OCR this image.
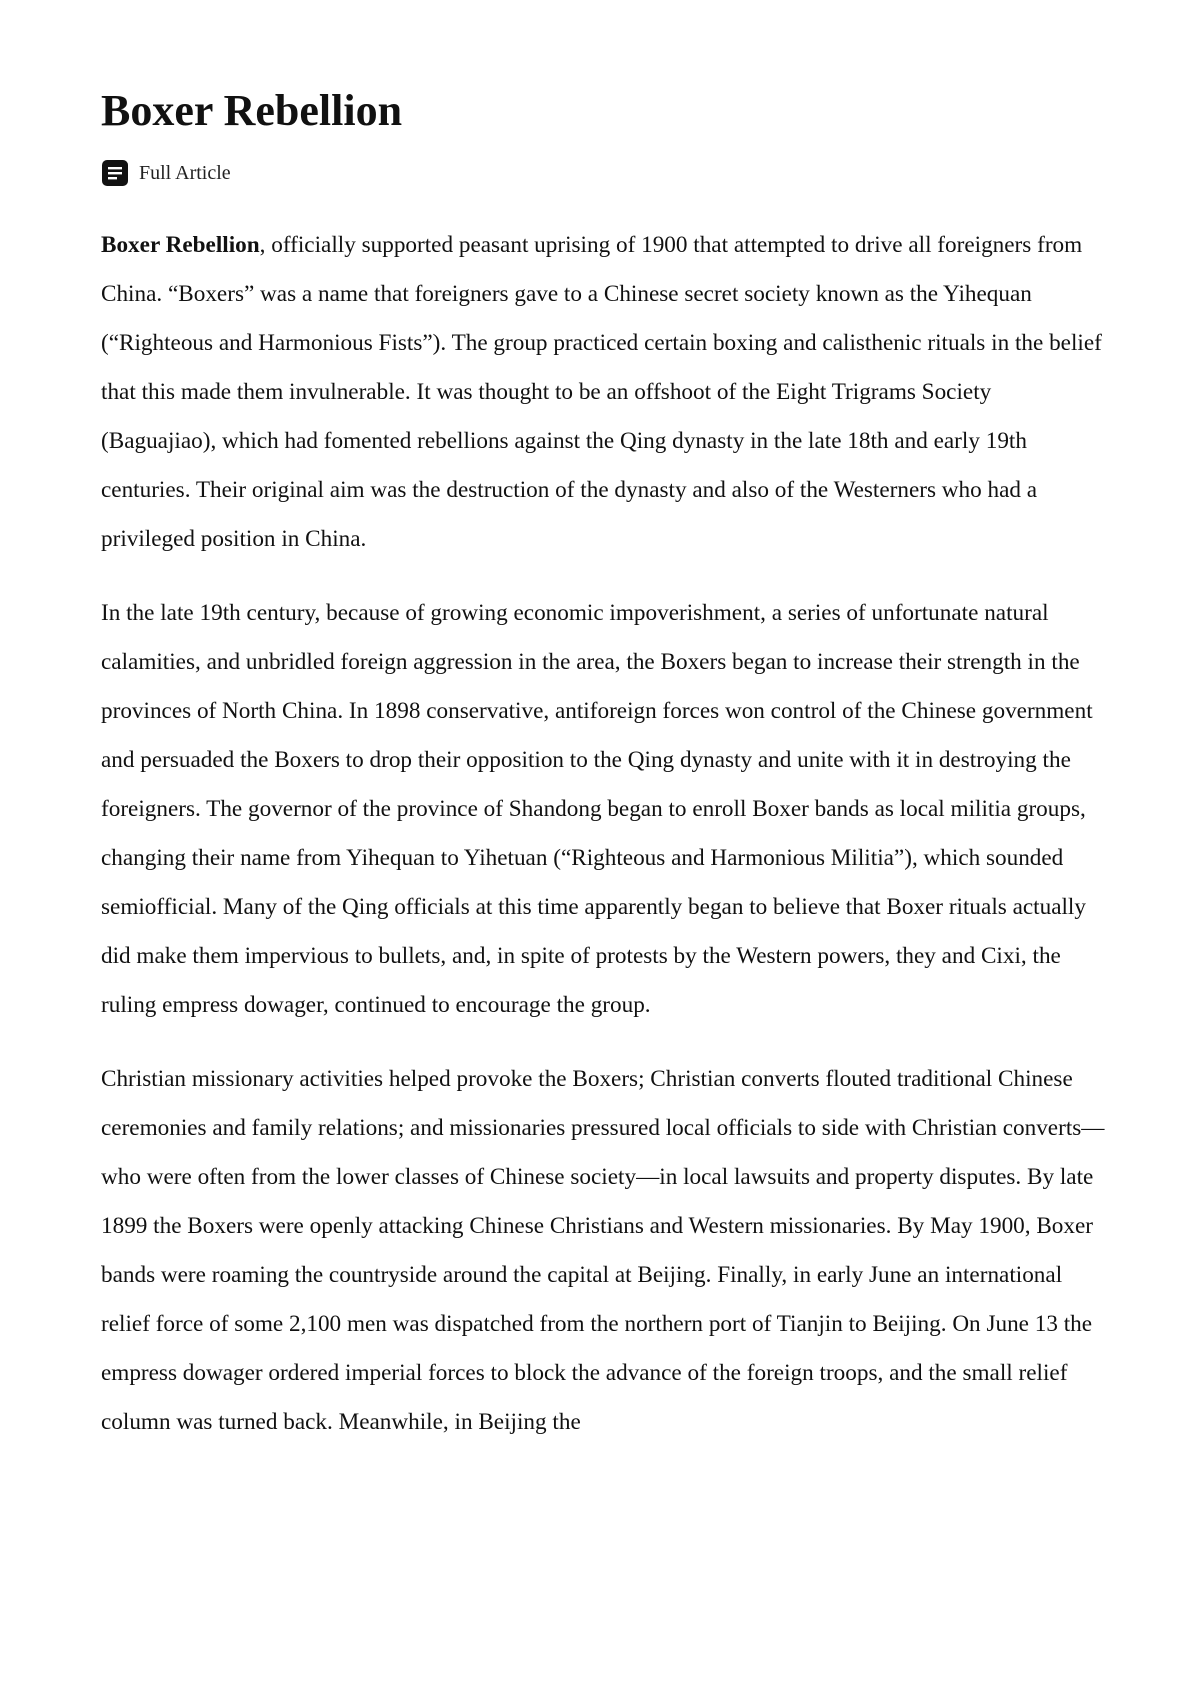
Boxer Rebellion
Full Article

Boxer Rebellion, officially supported peasant uprising of 1900 that attempted to drive all foreigners from China. “Boxers” was a name that foreigners gave to a Chinese secret society known as the Yihequan (“Righteous and Harmonious Fists”). The group practiced certain boxing and calisthenic rituals in the belief that this made them invulnerable. It was thought to be an offshoot of the Eight Trigrams Society (Baguajiao), which had fomented rebellions against the Qing dynasty in the late 18th and early 19th centuries. Their original aim was the destruction of the dynasty and also of the Westerners who had a privileged position in China.

In the late 19th century, because of growing economic impoverishment, a series of unfortunate natural calamities, and unbridled foreign aggression in the area, the Boxers began to increase their strength in the provinces of North China. In 1898 conservative, antiforeign forces won control of the Chinese government and persuaded the Boxers to drop their opposition to the Qing dynasty and unite with it in destroying the foreigners. The governor of the province of Shandong began to enroll Boxer bands as local militia groups, changing their name from Yihequan to Yihetuan (“Righteous and Harmonious Militia”), which sounded semiofficial. Many of the Qing officials at this time apparently began to believe that Boxer rituals actually did make them impervious to bullets, and, in spite of protests by the Western powers, they and Cixi, the ruling empress dowager, continued to encourage the group.

Christian missionary activities helped provoke the Boxers; Christian converts flouted traditional Chinese ceremonies and family relations; and missionaries pressured local officials to side with Christian converts—who were often from the lower classes of Chinese society—in local lawsuits and property disputes. By late 1899 the Boxers were openly attacking Chinese Christians and Western missionaries. By May 1900, Boxer bands were roaming the countryside around the capital at Beijing. Finally, in early June an international relief force of some 2,100 men was dispatched from the northern port of Tianjin to Beijing. On June 13 the empress dowager ordered imperial forces to block the advance of the foreign troops, and the small relief column was turned back. Meanwhile, in Beijing the
